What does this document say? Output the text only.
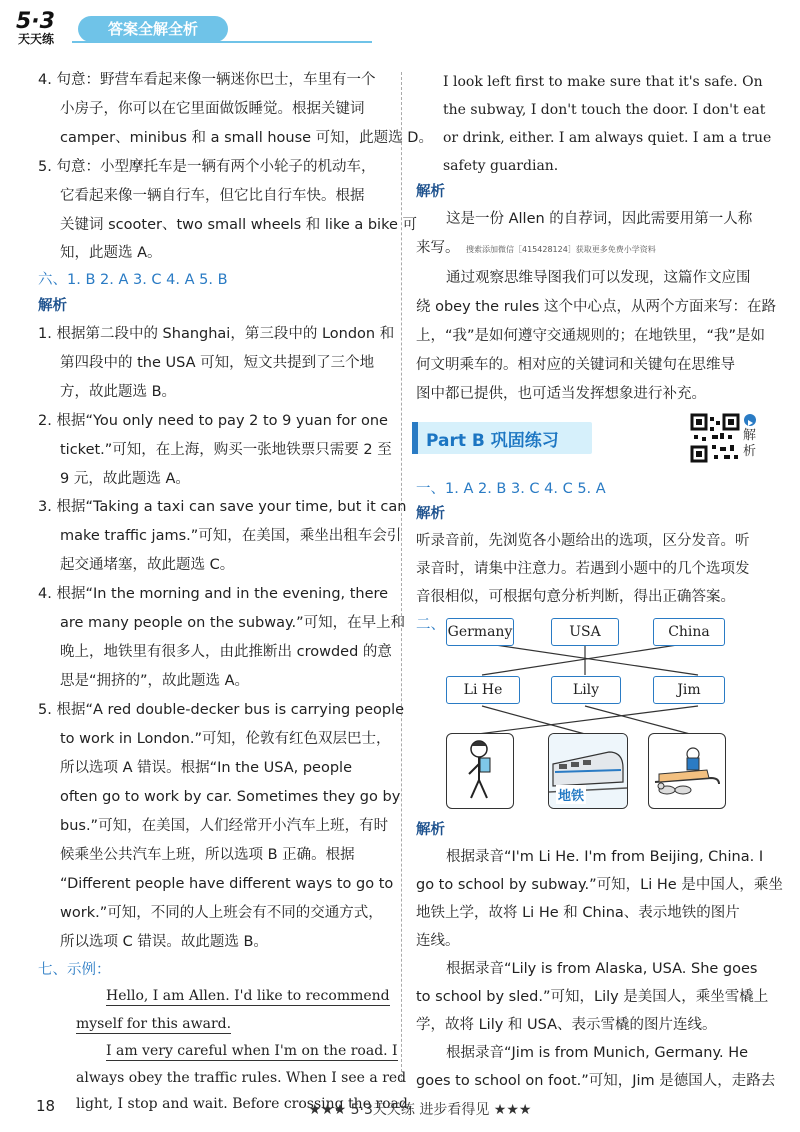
5·3
天天练
答案全解全析
4. 句意：野营车看起来像一辆迷你巴士，车里有一个
小房子，你可以在它里面做饭睡觉。根据关键词
camper、minibus 和 a small house 可知，此题选 D。
5. 句意：小型摩托车是一辆有两个小轮子的机动车，
它看起来像一辆自行车，但它比自行车快。根据
关键词 scooter、two small wheels 和 like a bike 可
知，此题选 A。
六、1. B 2. A 3. C 4. A 5. B
解析
1. 根据第二段中的 Shanghai，第三段中的 London 和
第四段中的 the USA 可知，短文共提到了三个地
方，故此题选 B。
2. 根据“You only need to pay 2 to 9 yuan for one
ticket.”可知，在上海，购买一张地铁票只需要 2 至
9 元，故此题选 A。
3. 根据“Taking a taxi can save your time, but it can
make traffic jams.”可知，在美国，乘坐出租车会引
起交通堵塞，故此题选 C。
4. 根据“In the morning and in the evening, there
are many people on the subway.”可知，在早上和
晚上，地铁里有很多人，由此推断出 crowded 的意
思是“拥挤的”，故此题选 A。
5. 根据“A red double-decker bus is carrying people
to work in London.”可知，伦敦有红色双层巴士，
所以选项 A 错误。根据“In the USA, people
often go to work by car. Sometimes they go by
bus.”可知，在美国，人们经常开小汽车上班，有时
候乘坐公共汽车上班，所以选项 B 正确。根据
“Different people have different ways to go to
work.”可知，不同的人上班会有不同的交通方式，
所以选项 C 错误。故此题选 B。
七、示例：
Hello, I am Allen. I'd like to recommend
myself for this award.
I am very careful when I'm on the road. I
always obey the traffic rules. When I see a red
light, I stop and wait. Before crossing the road,
I look left first to make sure that it's safe. On
the subway, I don't touch the door. I don't eat
or drink, either. I am always quiet. I am a true
safety guardian.
解析
这是一份 Allen 的自荐词，因此需要用第一人称
来写。 搜索添加微信［415428124］获取更多免费小学资料
通过观察思维导图我们可以发现，这篇作文应围
绕 obey the rules 这个中心点，从两个方面来写：在路
上，“我”是如何遵守交通规则的；在地铁里，“我”是如
何文明乘车的。相对应的关键词和关键句在思维导
图中都已提供，也可适当发挥想象进行补充。
Part B 巩固练习	解析
一、1. A 2. B 3. C 4. C 5. A
解析
听录音前，先浏览各小题给出的选项，区分发音。听
录音时，请集中注意力。若遇到小题中的几个选项发
音很相似，可根据句意分析判断，得出正确答案。
二、 Germany	USA	China
Li He	Lily	Jim
地铁
解析
根据录音“I'm Li He. I'm from Beijing, China. I
go to school by subway.”可知，Li He 是中国人，乘坐
地铁上学，故将 Li He 和 China、表示地铁的图片
连线。
根据录音“Lily is from Alaska, USA. She goes
to school by sled.”可知，Lily 是美国人，乘坐雪橇上
学，故将 Lily 和 USA、表示雪橇的图片连线。
根据录音“Jim is from Munich, Germany. He
goes to school on foot.”可知，Jim 是德国人，走路去
18	★★★ 5·3天天练 进步看得见 ★★★
